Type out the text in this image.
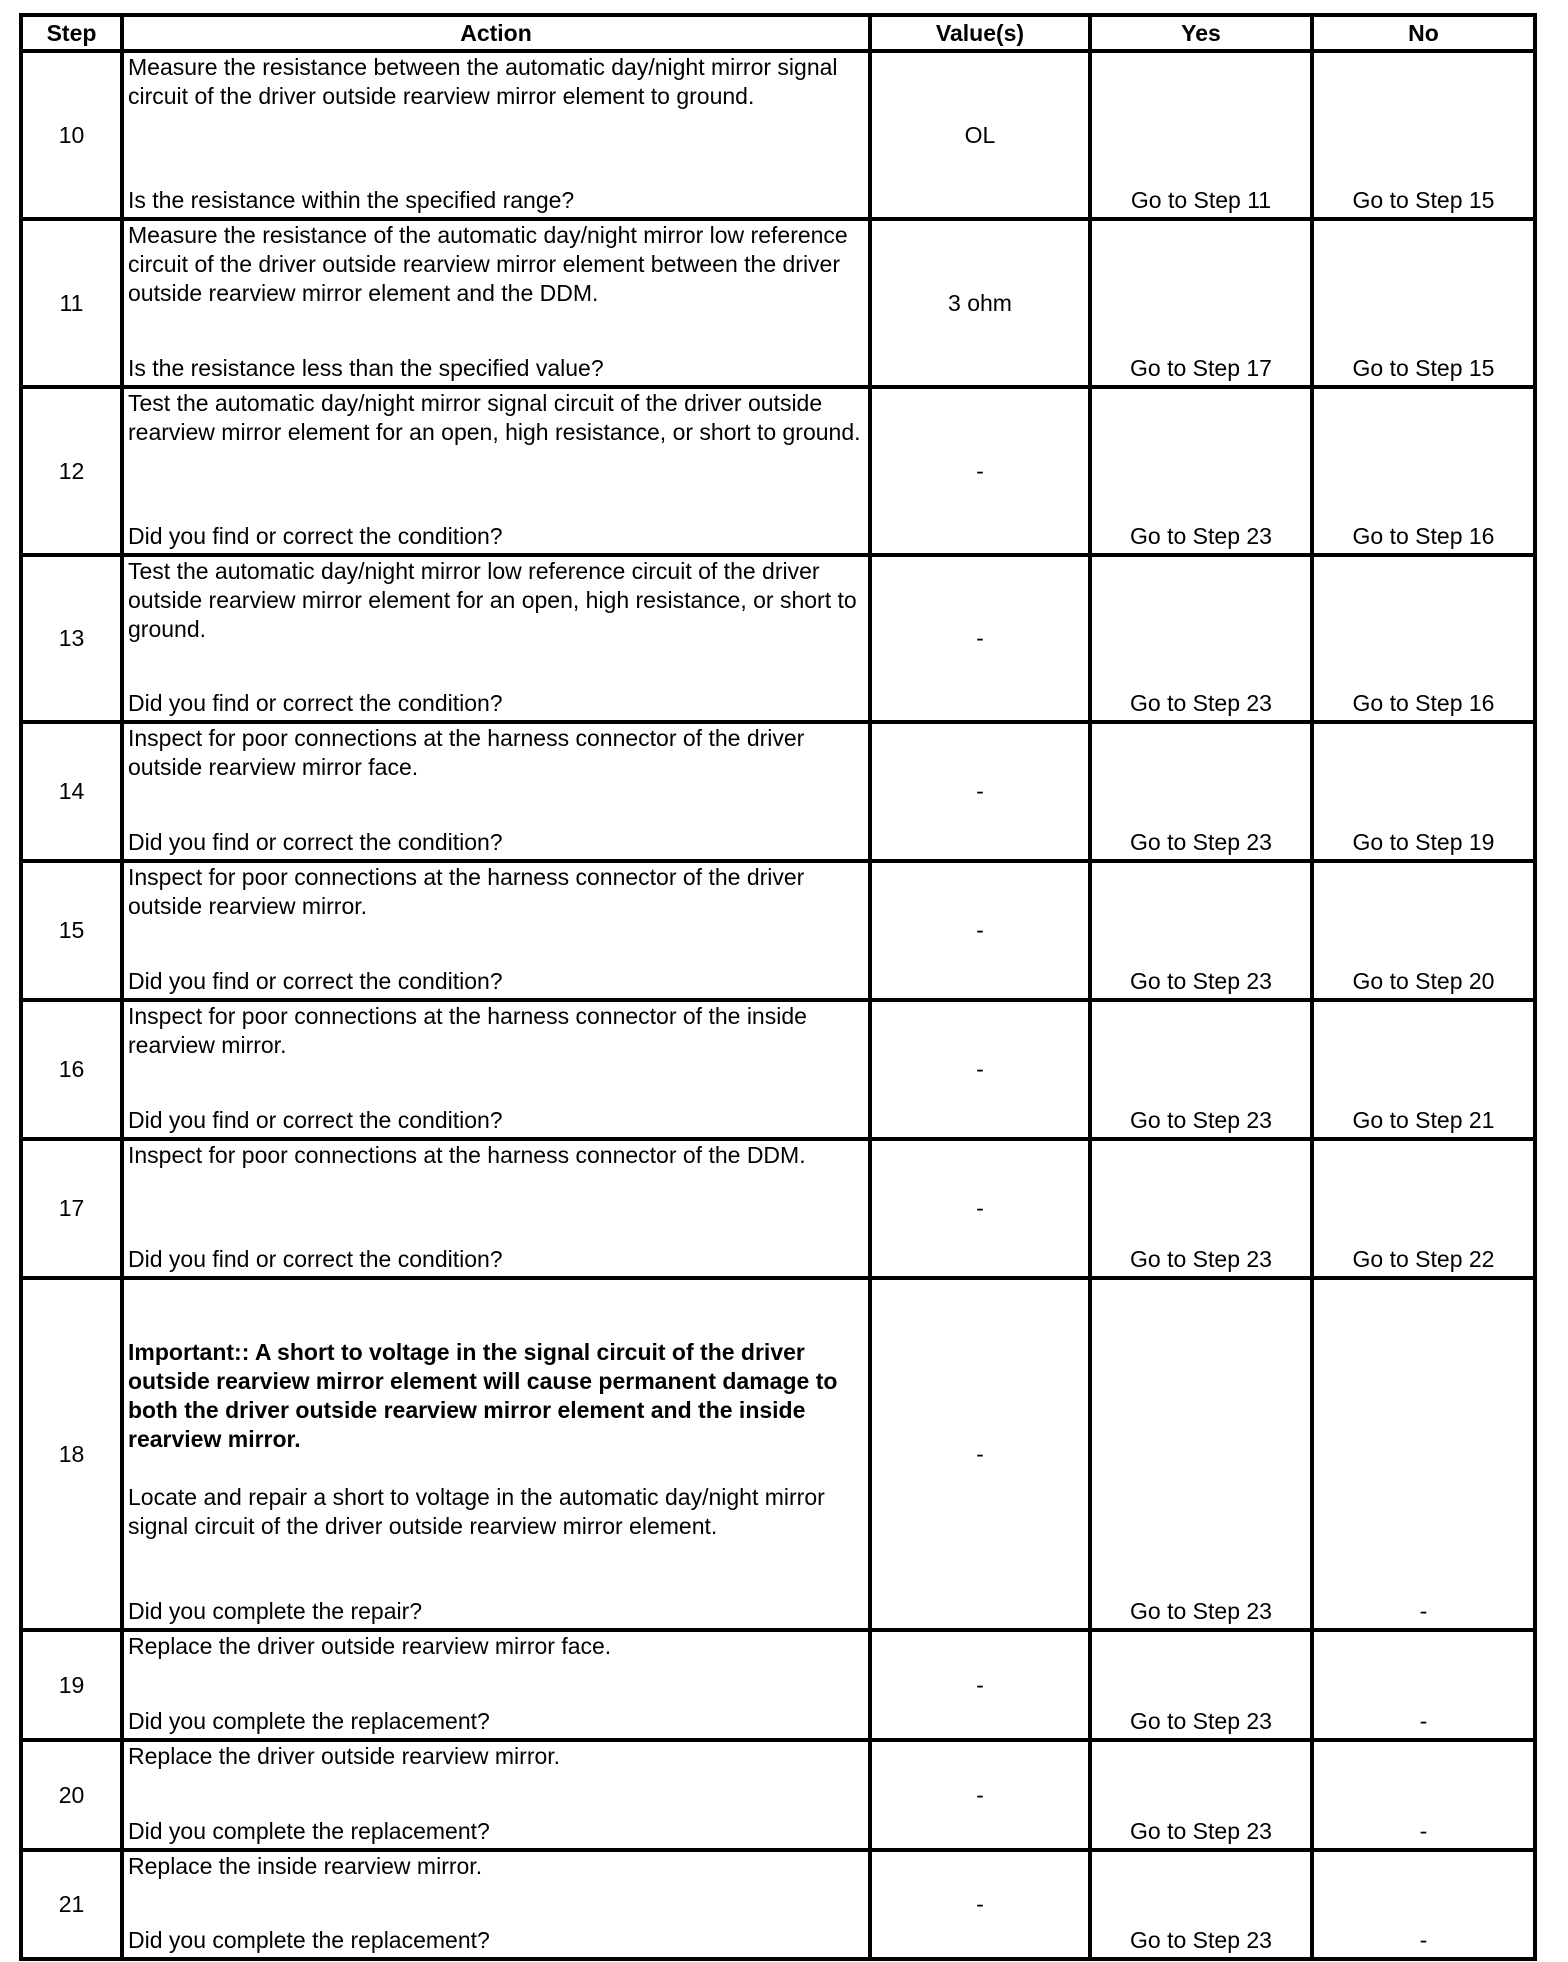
Step	Action	Value(s)	Yes	No
10	Measure the resistance between the automatic day/night mirror signal circuit of the driver outside rearview mirror element to ground.
Is the resistance within the specified range?	OL	Go to Step 11	Go to Step 15
11	Measure the resistance of the automatic day/night mirror low reference circuit of the driver outside rearview mirror element between the driver outside rearview mirror element and the DDM.
Is the resistance less than the specified value?	3 ohm	Go to Step 17	Go to Step 15
12	Test the automatic day/night mirror signal circuit of the driver outside rearview mirror element for an open, high resistance, or short to ground.
Did you find or correct the condition?	-	Go to Step 23	Go to Step 16
13	Test the automatic day/night mirror low reference circuit of the driver outside rearview mirror element for an open, high resistance, or short to ground.
Did you find or correct the condition?	-	Go to Step 23	Go to Step 16
14	Inspect for poor connections at the harness connector of the driver outside rearview mirror face.
Did you find or correct the condition?	-	Go to Step 23	Go to Step 19
15	Inspect for poor connections at the harness connector of the driver outside rearview mirror.
Did you find or correct the condition?	-	Go to Step 23	Go to Step 20
16	Inspect for poor connections at the harness connector of the inside rearview mirror.
Did you find or correct the condition?	-	Go to Step 23	Go to Step 21
17	Inspect for poor connections at the harness connector of the DDM.
Did you find or correct the condition?	-	Go to Step 23	Go to Step 22
18	Important:: A short to voltage in the signal circuit of the driver outside rearview mirror element will cause permanent damage to both the driver outside rearview mirror element and the inside rearview mirror.
Locate and repair a short to voltage in the automatic day/night mirror signal circuit of the driver outside rearview mirror element.
Did you complete the repair?	-	Go to Step 23	-
19	Replace the driver outside rearview mirror face.
Did you complete the replacement?	-	Go to Step 23	-
20	Replace the driver outside rearview mirror.
Did you complete the replacement?	-	Go to Step 23	-
21	Replace the inside rearview mirror.
Did you complete the replacement?	-	Go to Step 23	-
